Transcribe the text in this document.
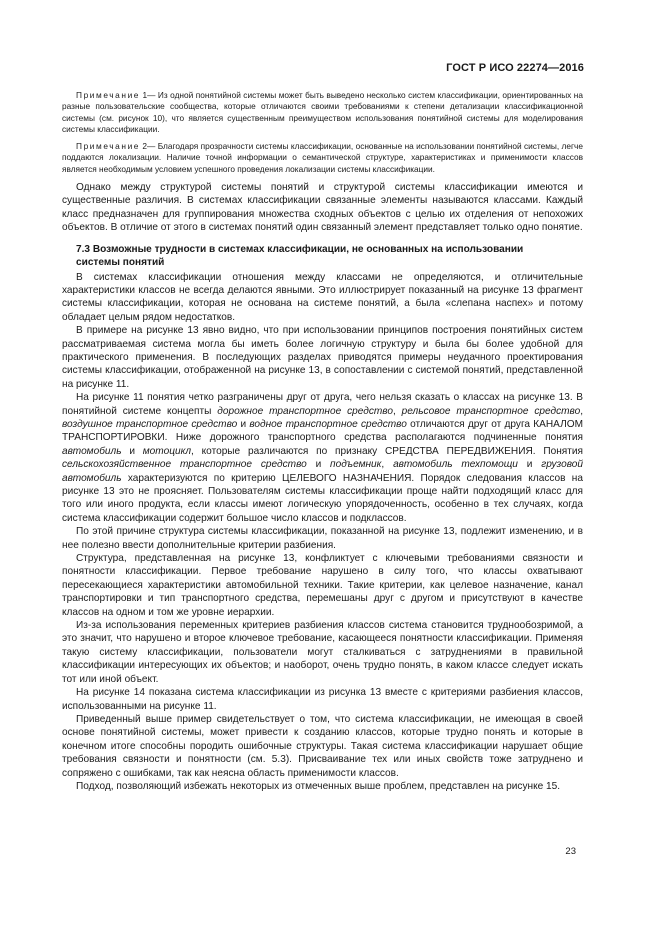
ГОСТ Р ИСО 22274—2016

Примечание 1— Из одной понятийной системы может быть выведено несколько систем классификации, ориентированных на разные пользовательские сообщества, которые отличаются своими требованиями к степени детализации классификационной системы (см. рисунок 10), что является существенным преимуществом использования понятийной системы для моделирования системы классификации.

Примечание 2— Благодаря прозрачности системы классификации, основанные на использовании понятийной системы, легче поддаются локализации. Наличие точной информации о семантической структуре, характеристиках и применимости классов является необходимым условием успешного проведения локализации системы классификации.

Однако между структурой системы понятий и структурой системы классификации имеются и существенные различия. В системах классификации связанные элементы называются классами. Каждый класс предназначен для группирования множества сходных объектов с целью их отделения от непохожих объектов. В отличие от этого в системах понятий один связанный элемент представляет только одно понятие.

7.3 Возможные трудности в системах классификации, не основанных на использовании
системы понятий

В системах классификации отношения между классами не определяются, и отличительные характеристики классов не всегда делаются явными. Это иллюстрирует показанный на рисунке 13 фрагмент системы классификации, которая не основана на системе понятий, а была «слепана наспех» и потому обладает целым рядом недостатков.

В примере на рисунке 13 явно видно, что при использовании принципов построения понятийных систем рассматриваемая система могла бы иметь более логичную структуру и была бы более удобной для практического применения. В последующих разделах приводятся примеры неудачного проектирования системы классификации, отображенной на рисунке 13, в сопоставлении с системой понятий, представленной на рисунке 11.

На рисунке 11 понятия четко разграничены друг от друга, чего нельзя сказать о классах на рисунке 13. В понятийной системе концепты дорожное транспортное средство, рельсовое транспортное средство, воздушное транспортное средство и водное транспортное средство отличаются друг от друга КАНАЛОМ ТРАНСПОРТИРОВКИ. Ниже дорожного транспортного средства располагаются подчиненные понятия автомобиль и мотоцикл, которые различаются по признаку СРЕДСТВА ПЕРЕДВИЖЕНИЯ. Понятия сельскохозяйственное транспортное средство и подъемник, автомобиль техпомощи и грузовой автомобиль характеризуются по критерию ЦЕЛЕВОГО НАЗНАЧЕНИЯ. Порядок следования классов на рисунке 13 это не проясняет. Пользователям системы классификации проще найти подходящий класс для того или иного продукта, если классы имеют логическую упорядоченность, особенно в тех случаях, когда система классификации содержит большое число классов и подклассов.

По этой причине структура системы классификации, показанной на рисунке 13, подлежит изменению, и в нее полезно ввести дополнительные критерии разбиения.

Структура, представленная на рисунке 13, конфликтует с ключевыми требованиями связности и понятности классификации. Первое требование нарушено в силу того, что классы охватывают пересекающиеся характеристики автомобильной техники. Такие критерии, как целевое назначение, канал транспортировки и тип транспортного средства, перемешаны друг с другом и присутствуют в качестве классов на одном и том же уровне иерархии.

Из-за использования переменных критериев разбиения классов система становится труднообозримой, а это значит, что нарушено и второе ключевое требование, касающееся понятности классификации. Применяя такую систему классификации, пользователи могут сталкиваться с затруднениями в правильной классификации интересующих их объектов; и наоборот, очень трудно понять, в каком классе следует искать тот или иной объект.

На рисунке 14 показана система классификации из рисунка 13 вместе с критериями разбиения классов, использованными на рисунке 11.

Приведенный выше пример свидетельствует о том, что система классификации, не имеющая в своей основе понятийной системы, может привести к созданию классов, которые трудно понять и которые в конечном итоге способны породить ошибочные структуры. Такая система классификации нарушает общие требования связности и понятности (см. 5.3). Присваивание тех или иных свойств тоже затруднено и сопряжено с ошибками, так как неясна область применимости классов.

Подход, позволяющий избежать некоторых из отмеченных выше проблем, представлен на рисунке 15.

23
